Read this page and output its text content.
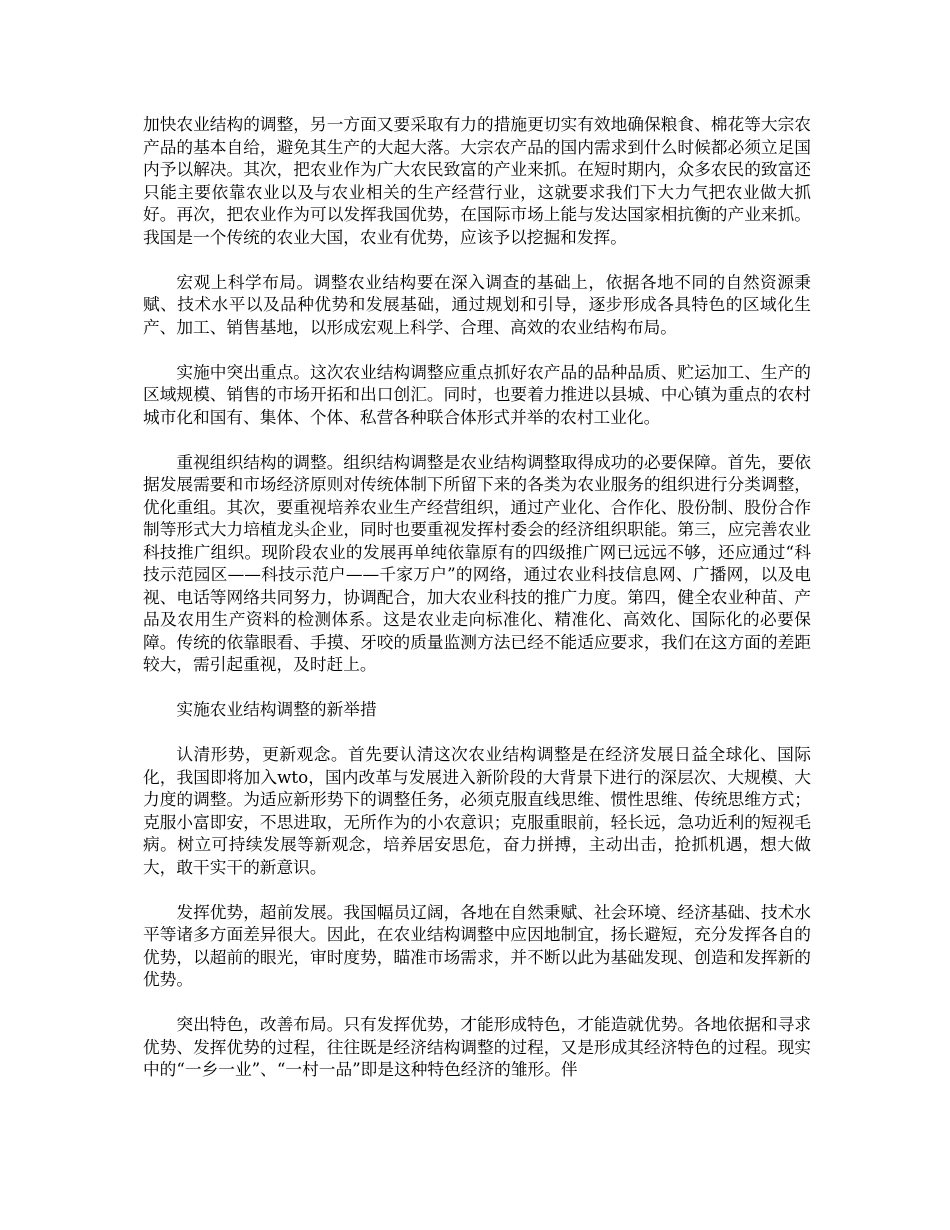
加快农业结构的调整，另一方面又要采取有力的措施更切实有效地确保粮食、棉花等大宗农产品的基本自给，避免其生产的大起大落。大宗农产品的国内需求到什么时候都必须立足国内予以解决。其次，把农业作为广大农民致富的产业来抓。在短时期内，众多农民的致富还只能主要依靠农业以及与农业相关的生产经营行业，这就要求我们下大力气把农业做大抓好。再次，把农业作为可以发挥我国优势，在国际市场上能与发达国家相抗衡的产业来抓。我国是一个传统的农业大国，农业有优势，应该予以挖掘和发挥。

宏观上科学布局。调整农业结构要在深入调查的基础上，依据各地不同的自然资源秉赋、技术水平以及品种优势和发展基础，通过规划和引导，逐步形成各具特色的区域化生产、加工、销售基地，以形成宏观上科学、合理、高效的农业结构布局。

实施中突出重点。这次农业结构调整应重点抓好农产品的品种品质、贮运加工、生产的区域规模、销售的市场开拓和出口创汇。同时，也要着力推进以县城、中心镇为重点的农村城市化和国有、集体、个体、私营各种联合体形式并举的农村工业化。

重视组织结构的调整。组织结构调整是农业结构调整取得成功的必要保障。首先，要依据发展需要和市场经济原则对传统体制下所留下来的各类为农业服务的组织进行分类调整，优化重组。其次，要重视培养农业生产经营组织，通过产业化、合作化、股份制、股份合作制等形式大力培植龙头企业，同时也要重视发挥村委会的经济组织职能。第三，应完善农业科技推广组织。现阶段农业的发展再单纯依靠原有的四级推广网已远远不够，还应通过“科技示范园区——科技示范户——千家万户”的网络，通过农业科技信息网、广播网，以及电视、电话等网络共同努力，协调配合，加大农业科技的推广力度。第四，健全农业种苗、产品及农用生产资料的检测体系。这是农业走向标准化、精准化、高效化、国际化的必要保障。传统的依靠眼看、手摸、牙咬的质量监测方法已经不能适应要求，我们在这方面的差距较大，需引起重视，及时赶上。

实施农业结构调整的新举措

认清形势，更新观念。首先要认清这次农业结构调整是在经济发展日益全球化、国际化，我国即将加入wto，国内改革与发展进入新阶段的大背景下进行的深层次、大规模、大力度的调整。为适应新形势下的调整任务，必须克服直线思维、惯性思维、传统思维方式；克服小富即安，不思进取，无所作为的小农意识；克服重眼前，轻长远，急功近利的短视毛病。树立可持续发展等新观念，培养居安思危，奋力拼搏，主动出击，抢抓机遇，想大做大，敢干实干的新意识。

发挥优势，超前发展。我国幅员辽阔，各地在自然秉赋、社会环境、经济基础、技术水平等诸多方面差异很大。因此，在农业结构调整中应因地制宜，扬长避短，充分发挥各自的优势，以超前的眼光，审时度势，瞄准市场需求，并不断以此为基础发现、创造和发挥新的优势。

突出特色，改善布局。只有发挥优势，才能形成特色，才能造就优势。各地依据和寻求优势、发挥优势的过程，往往既是经济结构调整的过程，又是形成其经济特色的过程。现实中的“一乡一业”、“一村一品”即是这种特色经济的雏形。伴
